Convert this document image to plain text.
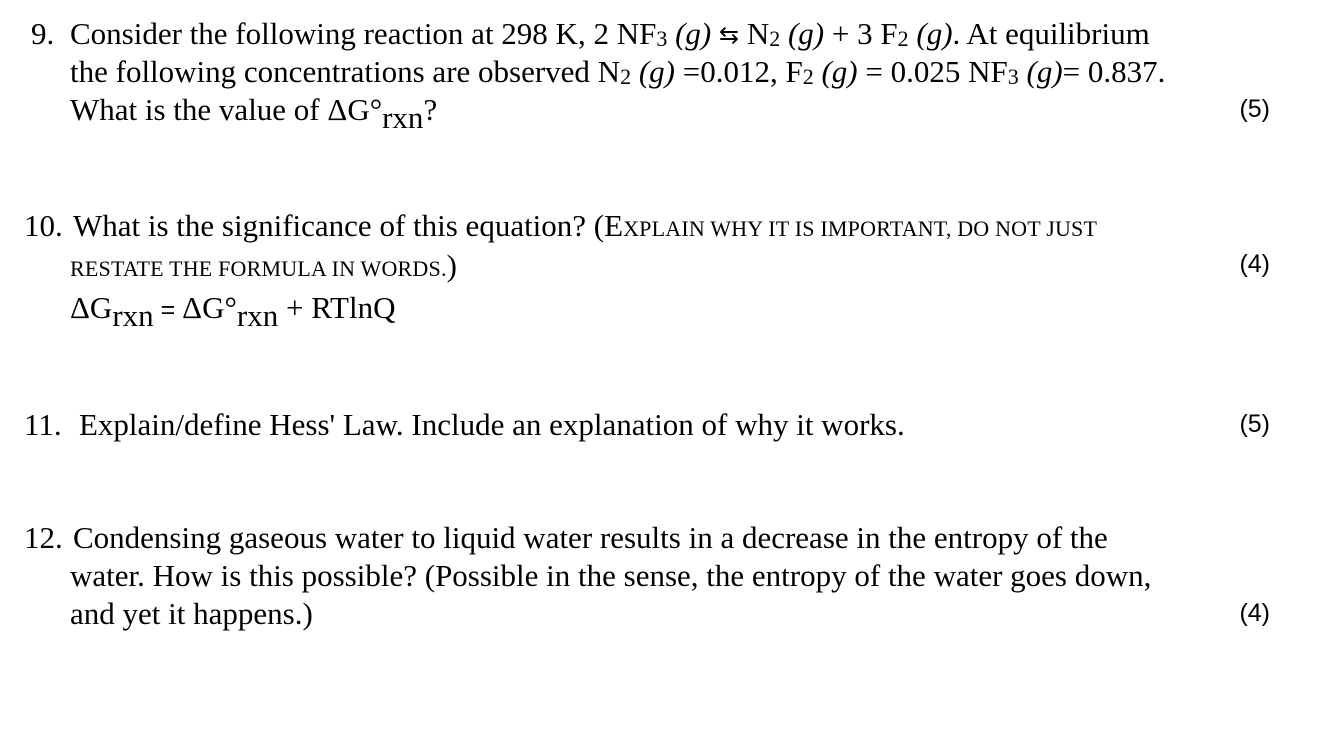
9. Consider the following reaction at 298 K, 2 NF3 (g) ⇆ N2 (g) + 3 F2 (g). At equilibrium
the following concentrations are observed N2 (g) =0.012, F2 (g) = 0.025 NF3 (g)= 0.837.
What is the value of ΔG°rxn?	(5)
10. What is the significance of this equation? (EXPLAIN WHY IT IS IMPORTANT, DO NOT JUST
RESTATE THE FORMULA IN WORDS.)	(4)
ΔGrxn = ΔG°rxn + RTlnQ
11. Explain/define Hess' Law. Include an explanation of why it works.	(5)
12. Condensing gaseous water to liquid water results in a decrease in the entropy of the
water. How is this possible? (Possible in the sense, the entropy of the water goes down,
and yet it happens.)	(4)
